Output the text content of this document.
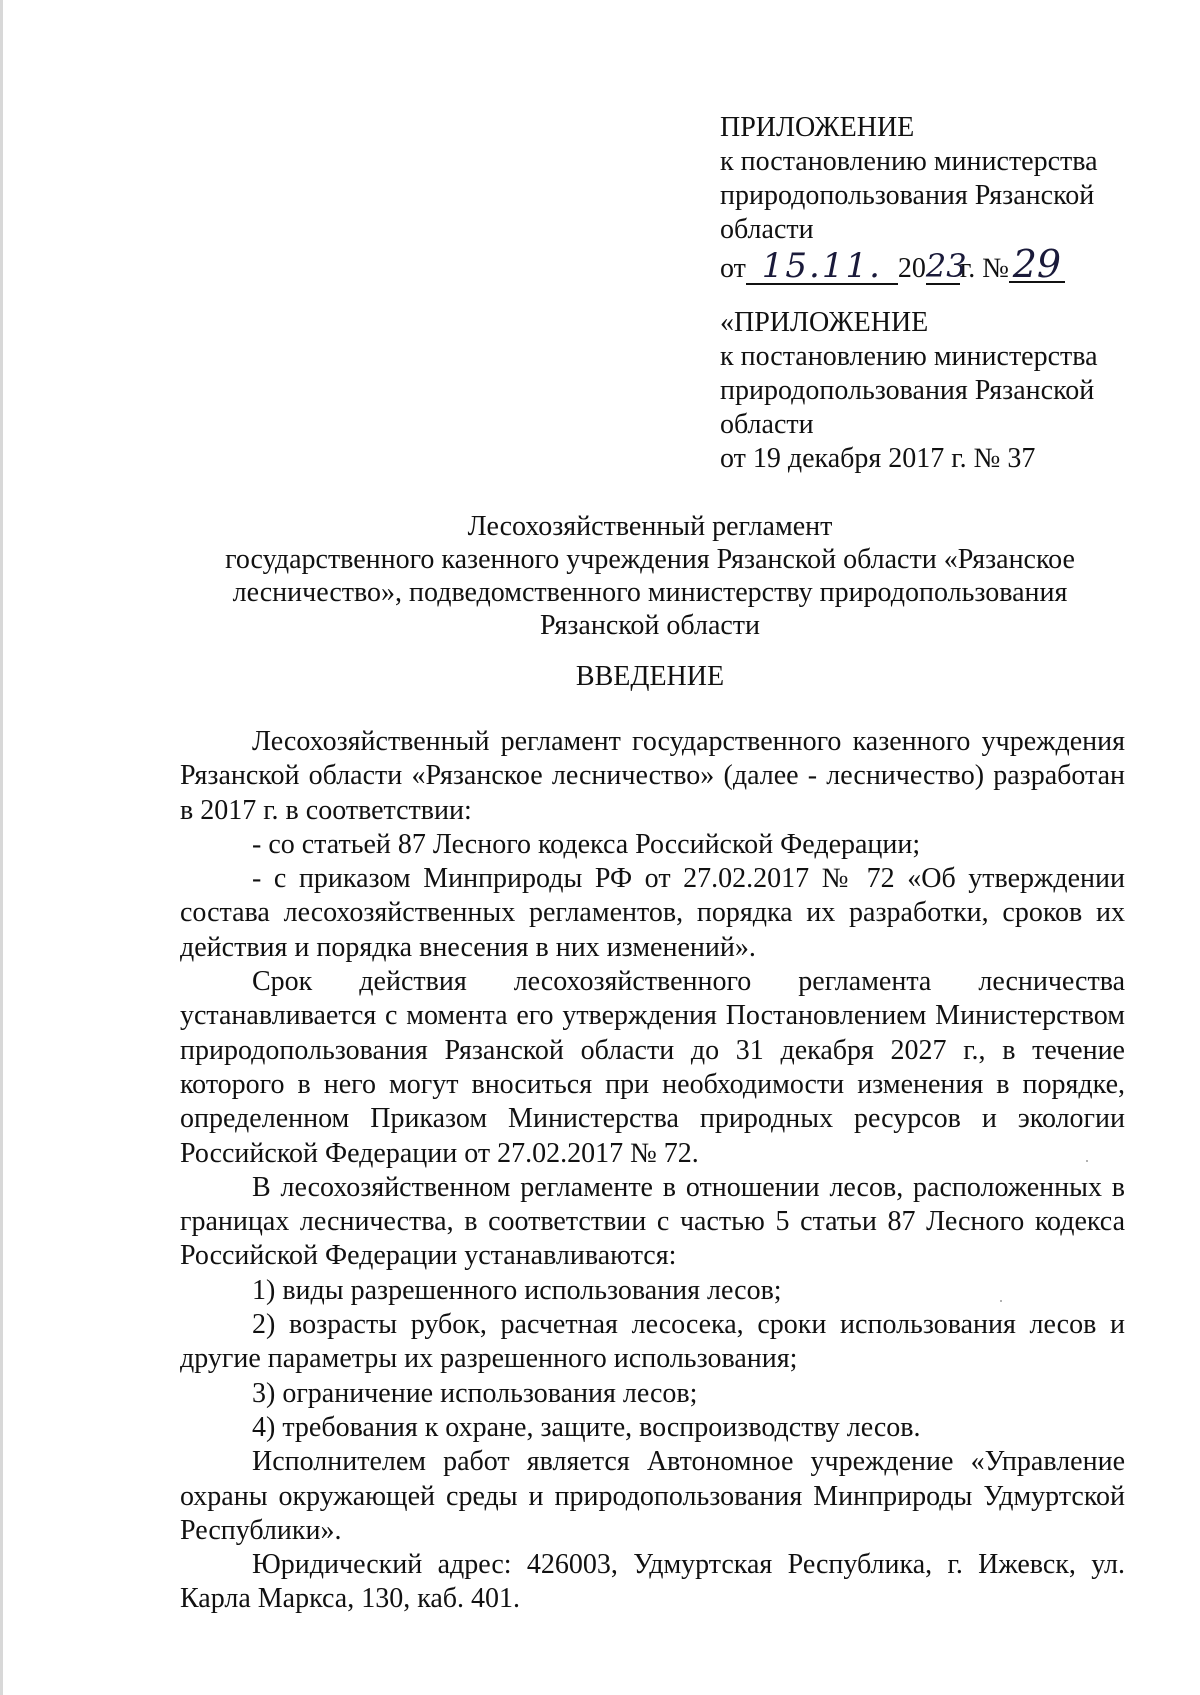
ПРИЛОЖЕНИЕ
к постановлению министерства
природопользования Рязанской
области
от 15.11. 2023г. № 29
«ПРИЛОЖЕНИЕ
к постановлению министерства
природопользования Рязанской
области
от 19 декабря 2017 г. № 37
Лесохозяйственный регламент
государственного казенного учреждения Рязанской области «Рязанское
лесничество», подведомственного министерству природопользования
Рязанской области
ВВЕДЕНИЕ

Лесохозяйственный регламент государственного казенного учреждения Рязанской области «Рязанское лесничество» (далее - лесничество) разработан в 2017 г. в соответствии:

- со статьей 87 Лесного кодекса Российской Федерации;

- с приказом Минприроды РФ от 27.02.2017 № 72 «Об утверждении состава лесохозяйственных регламентов, порядка их разработки, сроков их действия и порядка внесения в них изменений».

Срок действия лесохозяйственного регламента лесничества устанавливается с момента его утверждения Постановлением Министерством природопользования Рязанской области до 31 декабря 2027 г., в течение которого в него могут вноситься при необходимости изменения в порядке, определенном Приказом Министерства природных ресурсов и экологии Российской Федерации от 27.02.2017 № 72.

В лесохозяйственном регламенте в отношении лесов, расположенных в границах лесничества, в соответствии с частью 5 статьи 87 Лесного кодекса Российской Федерации устанавливаются:

1) виды разрешенного использования лесов;

2) возрасты рубок, расчетная лесосека, сроки использования лесов и другие параметры их разрешенного использования;

3) ограничение использования лесов;

4) требования к охране, защите, воспроизводству лесов.

Исполнителем работ является Автономное учреждение «Управление охраны окружающей среды и природопользования Минприроды Удмуртской Республики».

Юридический адрес: 426003, Удмуртская Республика, г. Ижевск, ул. Карла Маркса, 130, каб. 401.
